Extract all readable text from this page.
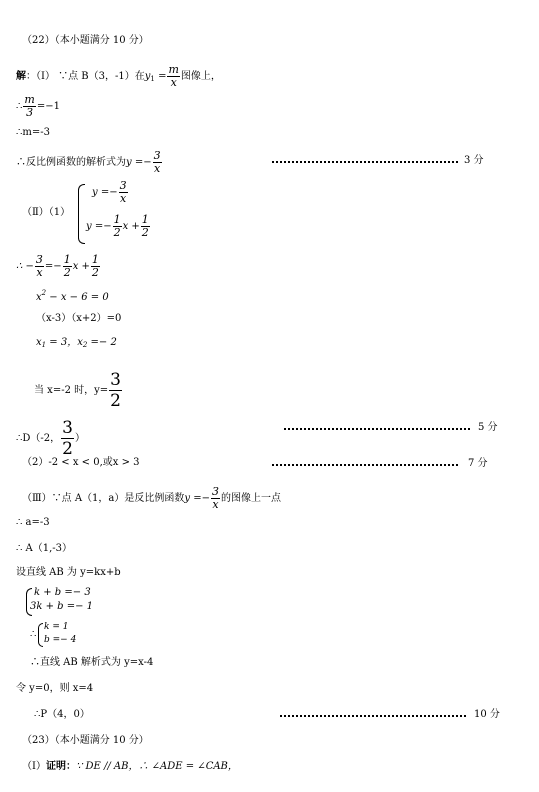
（22）（本小题满分 10 分）
解：（Ⅰ） ∵点 B（3，-1）在$y_1 = \frac{m}{x}$ 图像上，
∴ $\frac{m}{3} =-1$
∴m=-3
∴反比例函数的解析式为$y =- \frac{3}{x}$	3 分
（Ⅱ）（1）
$y =- \frac{3}{x}$
$y =- \frac{1}{2}$ $x + \frac{1}{2}$
∴ − $\frac{3}{x} =- \frac{1}{2}$ $x + \frac{1}{2}$
$x^2 - x - 6 = 0$
（x-3）（x+2）=0
$x_1 = 3$，$x_2 =- 2$
当 x=-2 时，$y= \frac{3}{2}$
∴D（-2， $\frac{3}{2}$ ）
5 分
（2）-2 < x < 0,或x > 3	7 分
（Ⅲ）∵点 A（1，a）是反比例函数$y =- \frac{3}{x}$ 的图像上一点
∴ a=-3
∴ A（1,-3）
设直线 AB 为 y=kx+b
k + b =− 3
3k + b =− 1
∴
k = 1
b =− 4
∴直线 AB 解析式为 y=x-4
令 y=0，则 x=4
∴P（4，0）	10 分
（23）（本小题满分 10 分）
（Ⅰ）证明：∵ DE // AB，∴ ∠ADE = ∠CAB，
